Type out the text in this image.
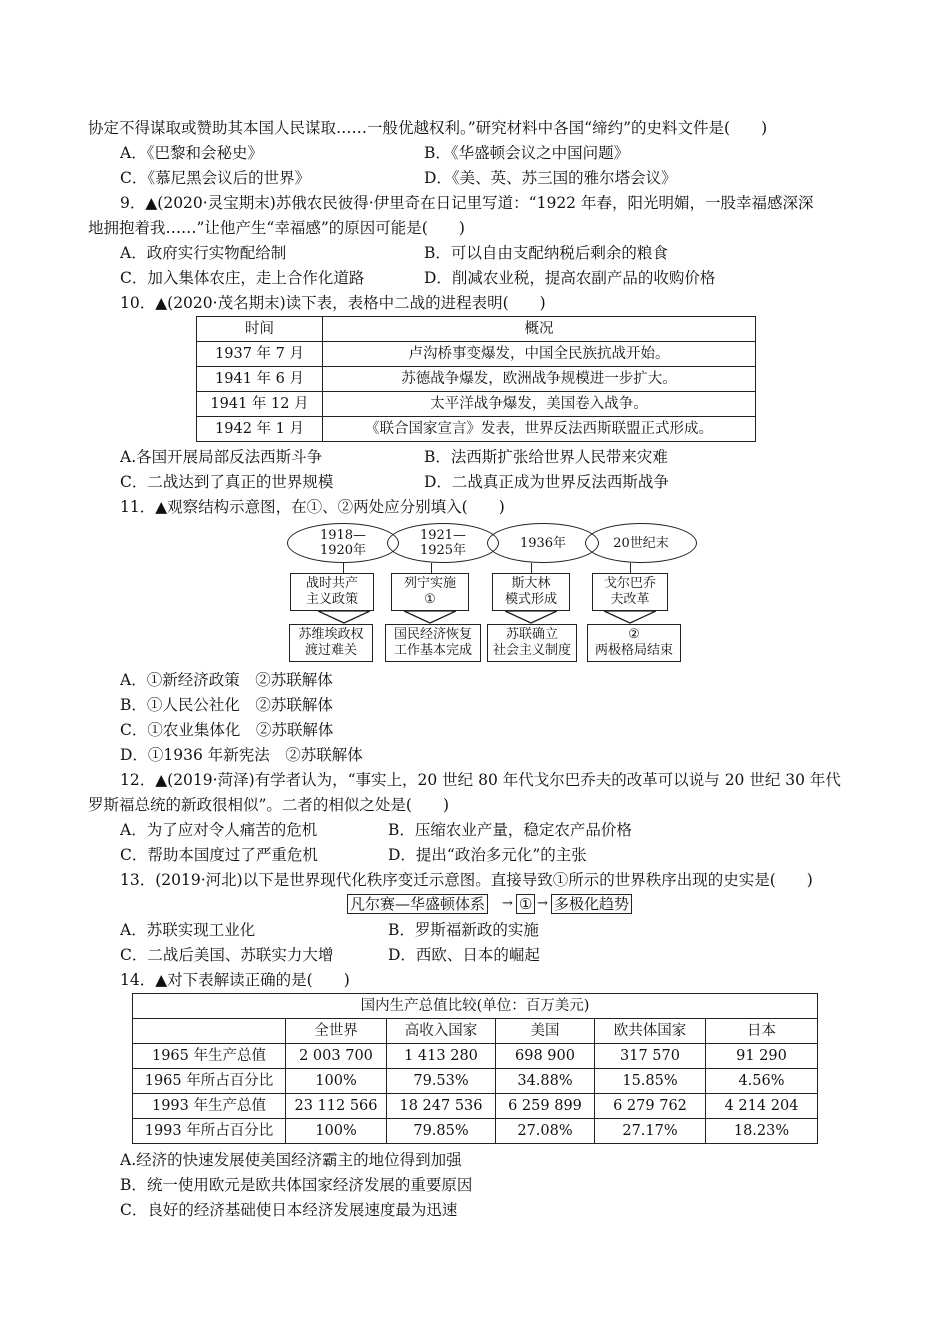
协定不得谋取或赞助其本国人民谋取……一般优越权利。”研究材料中各国“缔约”的史料文件是(　　)
A．《巴黎和会秘史》	B．《华盛顿会议之中国问题》
C．《慕尼黑会议后的世界》	D．《美、英、苏三国的雅尔塔会议》
9．▲(2020·灵宝期末)苏俄农民彼得·伊里奇在日记里写道：“1922 年春，阳光明媚，一股幸福感深深
地拥抱着我……”让他产生“幸福感”的原因可能是(　　)
A．政府实行实物配给制	B．可以自由支配纳税后剩余的粮食
C．加入集体农庄，走上合作化道路	D．削减农业税，提高农副产品的收购价格
10．▲(2020·茂名期末)读下表，表格中二战的进程表明(　　)
时间	概况
1937 年 7 月	卢沟桥事变爆发，中国全民族抗战开始。
1941 年 6 月	苏德战争爆发，欧洲战争规模进一步扩大。
1941 年 12 月	太平洋战争爆发，美国卷入战争。
1942 年 1 月	《联合国家宣言》发表，世界反法西斯联盟正式形成。
A.各国开展局部反法西斯斗争	B．法西斯扩张给世界人民带来灾难
C．二战达到了真正的世界规模	D．二战真正成为世界反法西斯战争
11．▲观察结构示意图，在①、②两处应分别填入(　　)
1918—
1920年
战时共产
主义政策
苏维埃政权
渡过难关
1921—
1925年
列宁实施
①
国民经济恢复
工作基本完成
1936年
斯大林
模式形成
苏联确立
社会主义制度
20世纪末
戈尔巴乔
夫改革
②
两极格局结束
A．①新经济政策　②苏联解体
B．①人民公社化　②苏联解体
C．①农业集体化　②苏联解体
D．①1936 年新宪法　②苏联解体
12．▲(2019·菏泽)有学者认为，“事实上，20 世纪 80 年代戈尔巴乔夫的改革可以说与 20 世纪 30 年代
罗斯福总统的新政很相似”。二者的相似之处是(　　)
A．为了应对令人痛苦的危机	B．压缩农业产量，稳定农产品价格
C．帮助本国度过了严重危机	D．提出“政治多元化”的主张
13．(2019·河北)以下是世界现代化秩序变迁示意图。直接导致①所示的世界秩序出现的史实是(　　)
凡尔赛—华盛顿体系 → ① → 多极化趋势
A．苏联实现工业化	B．罗斯福新政的实施
C．二战后美国、苏联实力大增	D．西欧、日本的崛起
14．▲对下表解读正确的是(　　)
国内生产总值比较(单位：百万美元)					
	全世界	高收入国家	美国	欧共体国家	日本
1965 年生产总值	2 003 700	1 413 280	698 900	317 570	91 290
1965 年所占百分比	100%	79.53%	34.88%	15.85%	4.56%
1993 年生产总值	23 112 566	18 247 536	6 259 899	6 279 762	4 214 204
1993 年所占百分比	100%	79.85%	27.08%	27.17%	18.23%
A.经济的快速发展使美国经济霸主的地位得到加强
B．统一使用欧元是欧共体国家经济发展的重要原因
C．良好的经济基础使日本经济发展速度最为迅速
